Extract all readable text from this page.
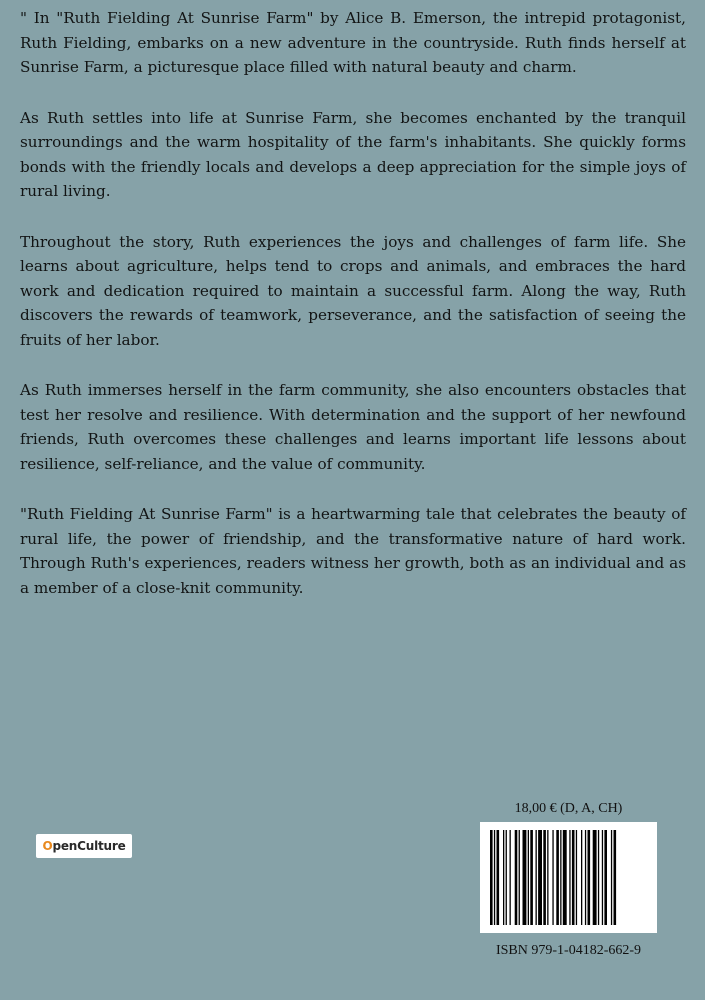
" In "Ruth Fielding At Sunrise Farm" by Alice B. Emerson, the intrepid protagonist, Ruth Fielding, embarks on a new adventure in the countryside. Ruth finds herself at Sunrise Farm, a picturesque place filled with natural beauty and charm.

As Ruth settles into life at Sunrise Farm, she becomes enchanted by the tranquil surroundings and the warm hospitality of the farm's inhabitants. She quickly forms bonds with the friendly locals and develops a deep appreciation for the simple joys of rural living.

Throughout the story, Ruth experiences the joys and challenges of farm life. She learns about agriculture, helps tend to crops and animals, and embraces the hard work and dedication required to maintain a successful farm. Along the way, Ruth discovers the rewards of teamwork, perseverance, and the satisfaction of seeing the fruits of her labor.

As Ruth immerses herself in the farm community, she also encounters obstacles that test her resolve and resilience. With determination and the support of her newfound friends, Ruth overcomes these challenges and learns important life lessons about resilience, self-reliance, and the value of community.

"Ruth Fielding At Sunrise Farm" is a heartwarming tale that celebrates the beauty of rural life, the power of friendship, and the transformative nature of hard work. Through Ruth's experiences, readers witness her growth, both as an individual and as a member of a close-knit community.

O penCulture
18,00 € (D, A, CH)
ISBN 979-1-04182-662-9
